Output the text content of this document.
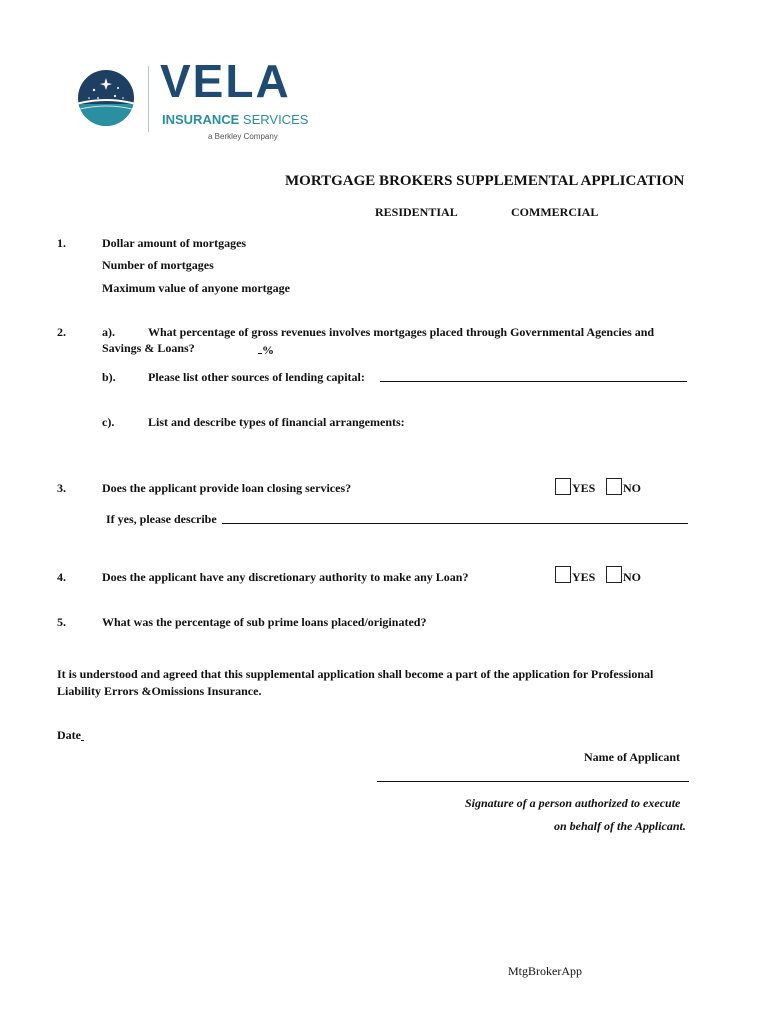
VELA
INSURANCE SERVICES
a Berkley Company
MORTGAGE BROKERS SUPPLEMENTAL APPLICATION
RESIDENTIAL	COMMERCIAL
1.	Dollar amount of mortgages
Number of mortgages
Maximum value of anyone mortgage
2.	a).	What percentage of gross revenues involves mortgages placed through Governmental Agencies and
Savings & Loans?	%
b).	Please list other sources of lending capital:
c).	List and describe types of financial arrangements:
3.	Does the applicant provide loan closing services?	YES NO
If yes, please describe
4.	Does the applicant have any discretionary authority to make any Loan?	YES NO
5.	What was the percentage of sub prime loans placed/originated?
It is understood and agreed that this supplemental application shall become a part of the application for Professional
Liability Errors &Omissions Insurance.
Date
Name of Applicant
Signature of a person authorized to execute
on behalf of the Applicant.
MtgBrokerApp
